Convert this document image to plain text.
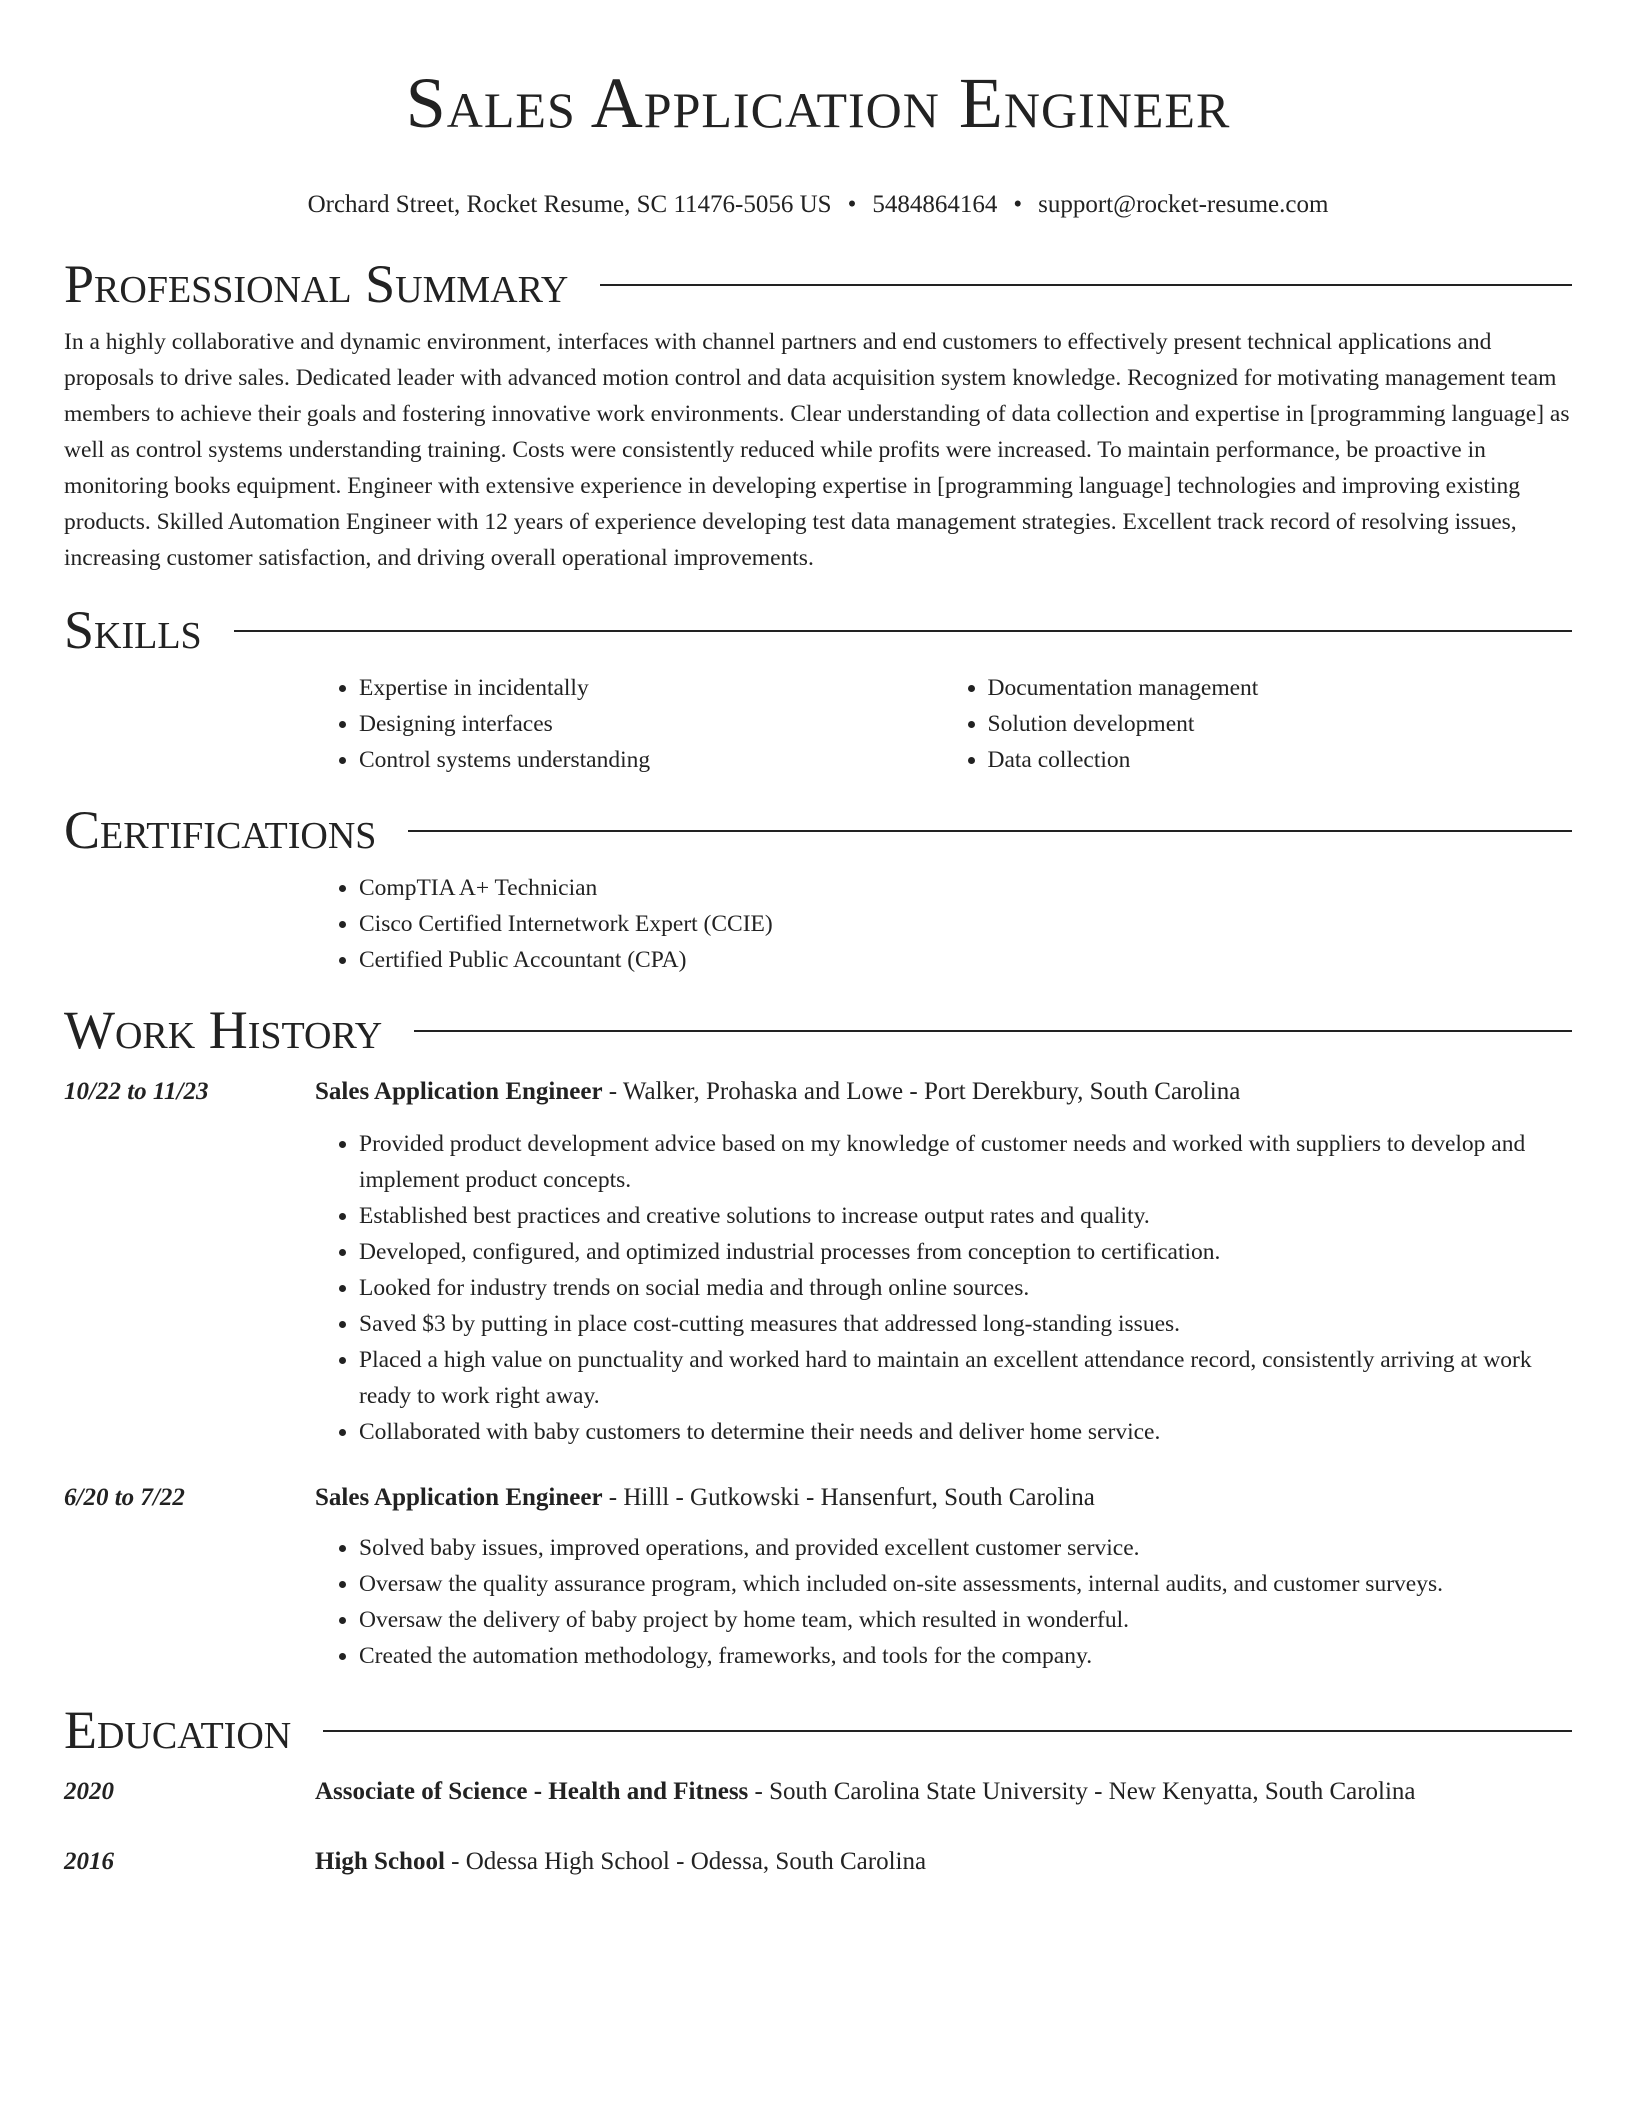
Sales Application Engineer
Orchard Street, Rocket Resume, SC 11476-5056 US • 5484864164 • support@rocket-resume.com
Professional Summary

In a highly collaborative and dynamic environment, interfaces with channel partners and end customers to effectively present technical applications and proposals to drive sales. Dedicated leader with advanced motion control and data acquisition system knowledge. Recognized for motivating management team members to achieve their goals and fostering innovative work environments. Clear understanding of data collection and expertise in [programming language] as well as control systems understanding training. Costs were consistently reduced while profits were increased. To maintain performance, be proactive in monitoring books equipment. Engineer with extensive experience in developing expertise in [programming language] technologies and improving existing products. Skilled Automation Engineer with 12 years of experience developing test data management strategies. Excellent track record of resolving issues, increasing customer satisfaction, and driving overall operational improvements.

Skills
• Expertise in incidentally
• Designing interfaces
• Control systems understanding
• Documentation management
• Solution development
• Data collection
Certifications
• CompTIA A+ Technician
• Cisco Certified Internetwork Expert (CCIE)
• Certified Public Accountant (CPA)
Work History
10/22 to 11/23	Sales Application Engineer - Walker, Prohaska and Lowe - Port Derekbury, South Carolina
• Provided product development advice based on my knowledge of customer needs and worked with suppliers to develop and implement product concepts.
• Established best practices and creative solutions to increase output rates and quality.
• Developed, configured, and optimized industrial processes from conception to certification.
• Looked for industry trends on social media and through online sources.
• Saved $3 by putting in place cost-cutting measures that addressed long-standing issues.
• Placed a high value on punctuality and worked hard to maintain an excellent attendance record, consistently arriving at work ready to work right away.
• Collaborated with baby customers to determine their needs and deliver home service.
6/20 to 7/22	Sales Application Engineer - Hilll - Gutkowski - Hansenfurt, South Carolina
• Solved baby issues, improved operations, and provided excellent customer service.
• Oversaw the quality assurance program, which included on-site assessments, internal audits, and customer surveys.
• Oversaw the delivery of baby project by home team, which resulted in wonderful.
• Created the automation methodology, frameworks, and tools for the company.
Education
2020	Associate of Science - Health and Fitness - South Carolina State University - New Kenyatta, South Carolina
2016	High School - Odessa High School - Odessa, South Carolina
